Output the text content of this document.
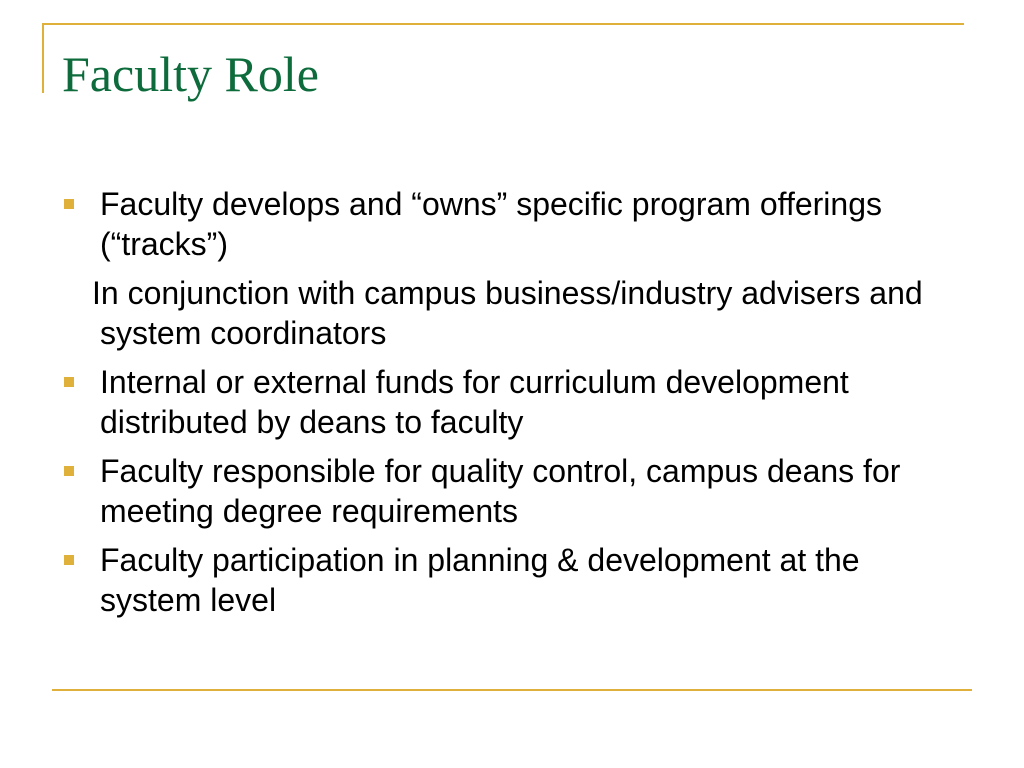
Faculty Role
Faculty develops and “owns” specific program offerings (“tracks”)
In conjunction with campus business/industry advisers and system coordinators
Internal or external funds for curriculum development distributed by deans to faculty
Faculty responsible for quality control, campus deans for meeting degree requirements
Faculty participation in planning & development at the system level
